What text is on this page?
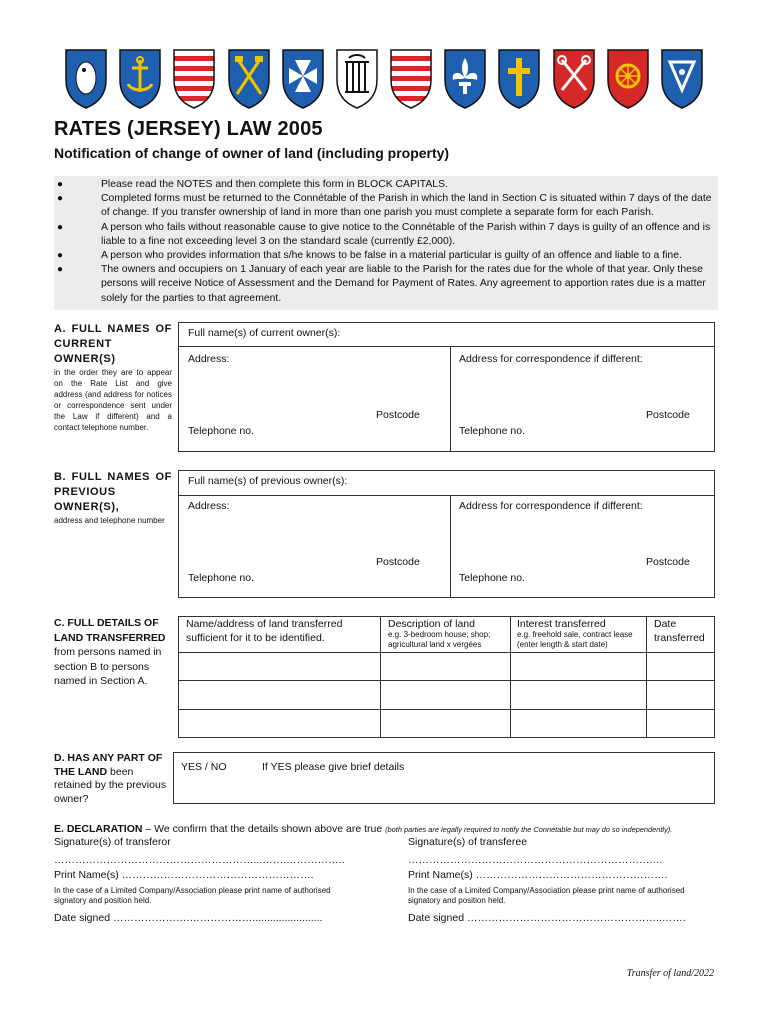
RATES (JERSEY) LAW 2005
Notification of change of owner of land (including property)
●	Please read the NOTES and then complete this form in BLOCK CAPITALS.
●	Completed forms must be returned to the Connétable of the Parish in which the land in Section C is situated within 7 days of the date of change. If you transfer ownership of land in more than one parish you must complete a separate form for each Parish.
●	A person who fails without reasonable cause to give notice to the Connétable of the Parish within 7 days is guilty of an offence and is liable to a fine not exceeding level 3 on the standard scale (currently £2,000).
●	A person who provides information that s/he knows to be false in a material particular is guilty of an offence and liable to a fine.
●	The owners and occupiers on 1 January of each year are liable to the Parish for the rates due for the whole of that year. Only these persons will receive Notice of Assessment and the Demand for Payment of Rates. Any agreement to apportion rates due is a matter solely for the parties to that agreement.
A. FULL NAMES OF CURRENT OWNER(S)
in the order they are to appear on the Rate List and give address (and address for notices or correspondence sent under the Law if different) and a contact telephone number.
Full name(s) of current owner(s):
Address:	Address for correspondence if different:
Postcode	Postcode
Telephone no.	Telephone no.
B. FULL NAMES OF PREVIOUS OWNER(S),
address and telephone number
Full name(s) of previous owner(s):
Address:	Address for correspondence if different:
Postcode	Postcode
Telephone no.	Telephone no.
C. FULL DETAILS OF LAND TRANSFERRED
from persons named in section B to persons named in Section A.
Name/address of land transferred sufficient for it to be identified.
Description of land
e.g. 3-bedroom house; shop; agricultural land x vergées
Interest transferred
e.g. freehold sale, contract lease (enter length & start date)
Date transferred
D. HAS ANY PART OF THE LAND been retained by the previous owner?
YES / NO	If YES please give brief details
E. DECLARATION – We confirm that the details shown above are true (both parties are legally required to notify the Connétable but may do so independently).
Signature(s) of transferor	Signature(s) of transferee
…………………………………………………...…….……………..	…………………………………………………………….…
Print Name(s) ……………………………………………….	Print Name(s) ……………………………………………….
In the case of a Limited Company/Association please print name of authorised signatory and position held.
In the case of a Limited Company/Association please print name of authorised signatory and position held.
Date signed ………………….………………........................	Date signed ………………………………………………..…….
Transfer of land/2022
